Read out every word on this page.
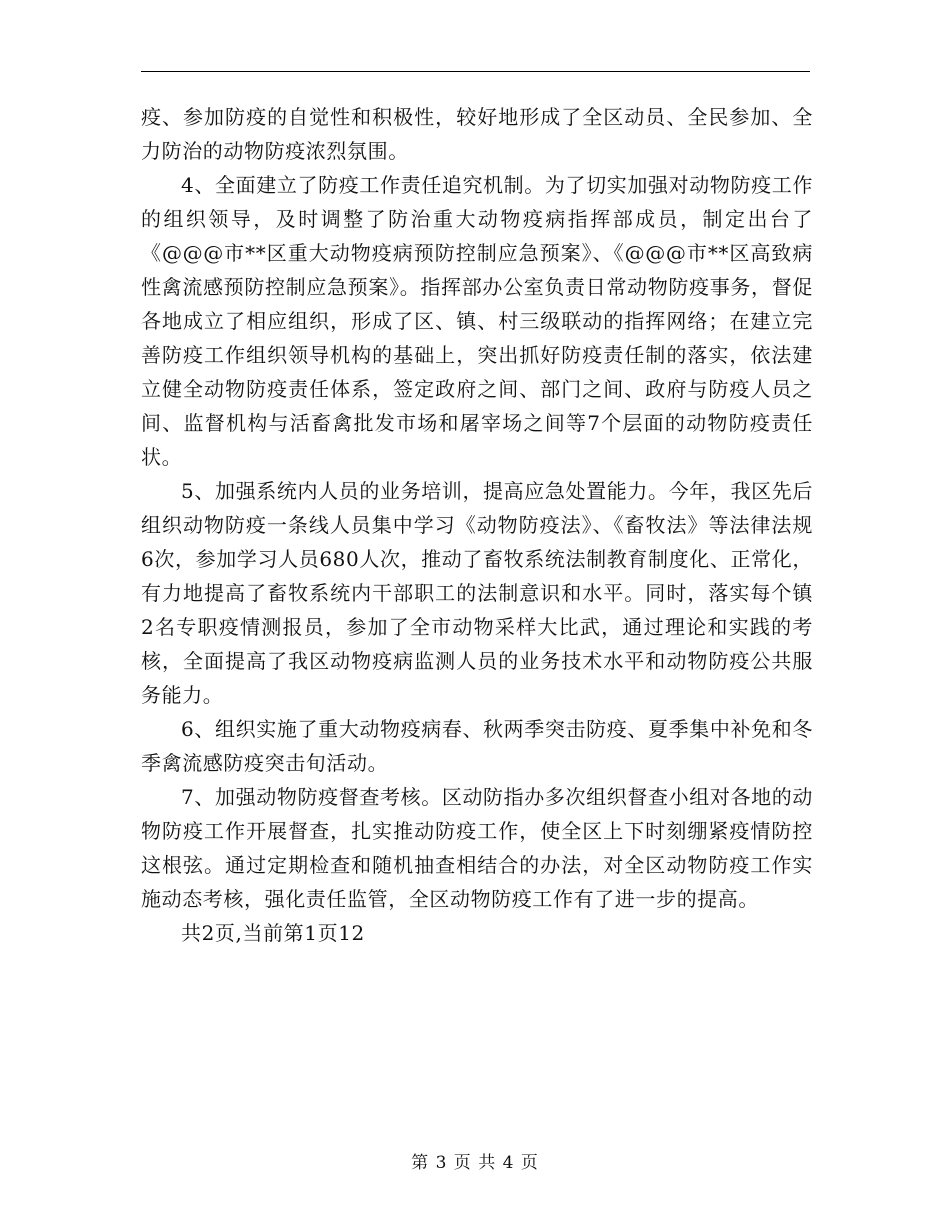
疫、参加防疫的自觉性和积极性，较好地形成了全区动员、全民参加、全力防治的动物防疫浓烈氛围。

4、全面建立了防疫工作责任追究机制。为了切实加强对动物防疫工作的组织领导，及时调整了防治重大动物疫病指挥部成员，制定出台了《@@@市**区重大动物疫病预防控制应急预案》、《@@@市**区高致病性禽流感预防控制应急预案》。指挥部办公室负责日常动物防疫事务，督促各地成立了相应组织，形成了区、镇、村三级联动的指挥网络；在建立完善防疫工作组织领导机构的基础上，突出抓好防疫责任制的落实，依法建立健全动物防疫责任体系，签定政府之间、部门之间、政府与防疫人员之间、监督机构与活畜禽批发市场和屠宰场之间等7个层面的动物防疫责任状。

5、加强系统内人员的业务培训，提高应急处置能力。今年，我区先后组织动物防疫一条线人员集中学习《动物防疫法》、《畜牧法》等法律法规6次，参加学习人员680人次，推动了畜牧系统法制教育制度化、正常化，有力地提高了畜牧系统内干部职工的法制意识和水平。同时，落实每个镇2名专职疫情测报员，参加了全市动物采样大比武，通过理论和实践的考核，全面提高了我区动物疫病监测人员的业务技术水平和动物防疫公共服务能力。

6、组织实施了重大动物疫病春、秋两季突击防疫、夏季集中补免和冬季禽流感防疫突击旬活动。

7、加强动物防疫督查考核。区动防指办多次组织督查小组对各地的动物防疫工作开展督查，扎实推动防疫工作，使全区上下时刻绷紧疫情防控这根弦。通过定期检查和随机抽查相结合的办法，对全区动物防疫工作实施动态考核，强化责任监管，全区动物防疫工作有了进一步的提高。

共2页,当前第1页12

第 3 页 共 4 页
